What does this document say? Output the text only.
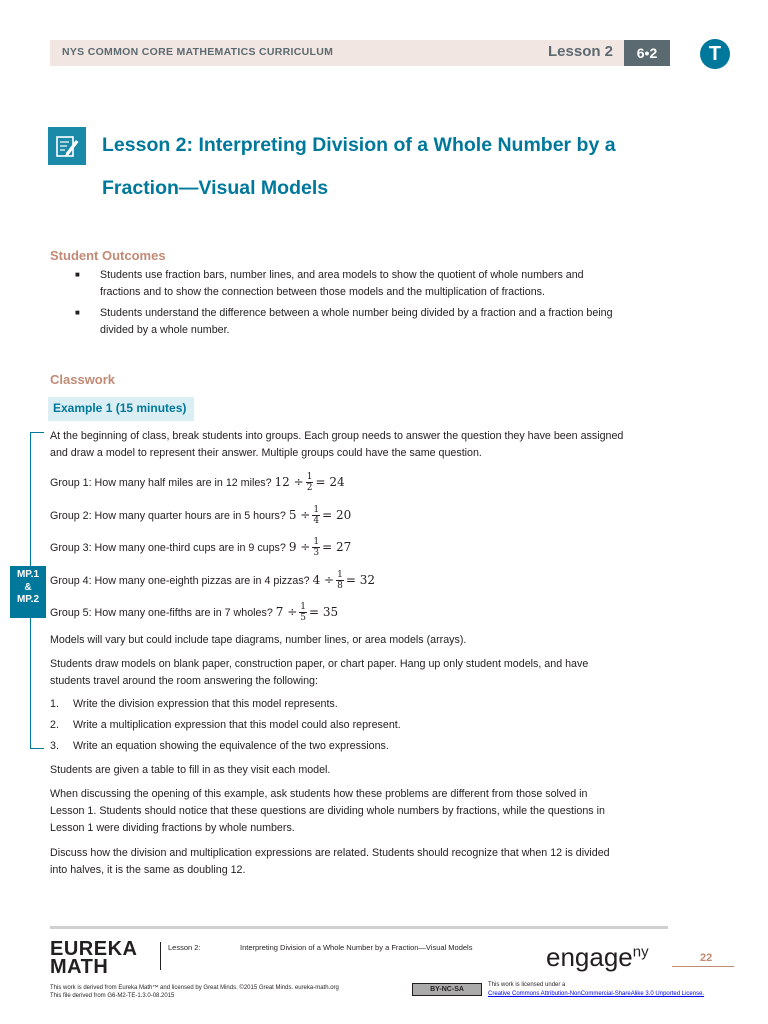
NYS COMMON CORE MATHEMATICS CURRICULUM	Lesson 2	6•2	T
Lesson 2: Interpreting Division of a Whole Number by a
Fraction—Visual Models
Student Outcomes
■ Students use fraction bars, number lines, and area models to show the quotient of whole numbers and
fractions and to show the connection between those models and the multiplication of fractions.
■ Students understand the difference between a whole number being divided by a fraction and a fraction being
divided by a whole number.
Classwork
Example 1 (15 minutes)
MP.1
&
MP.2
At the beginning of class, break students into groups. Each group needs to answer the question they have been assigned
and draw a model to represent their answer. Multiple groups could have the same question.
Group 1: How many half miles are in 12 miles? $12 \div \frac{1}{2} = 24$
Group 2: How many quarter hours are in 5 hours? $5 \div \frac{1}{4} = 20$
Group 3: How many one-third cups are in 9 cups? $9 \div \frac{1}{3} = 27$
Group 4: How many one-eighth pizzas are in 4 pizzas? $4 \div \frac{1}{8} = 32$
Group 5: How many one-fifths are in 7 wholes? $7 \div \frac{1}{5} = 35$
Models will vary but could include tape diagrams, number lines, or area models (arrays).
Students draw models on blank paper, construction paper, or chart paper. Hang up only student models, and have
students travel around the room answering the following:
1. Write the division expression that this model represents.
2. Write a multiplication expression that this model could also represent.
3. Write an equation showing the equivalence of the two expressions.
Students are given a table to fill in as they visit each model.
When discussing the opening of this example, ask students how these problems are different from those solved in
Lesson 1. Students should notice that these questions are dividing whole numbers by fractions, while the questions in
Lesson 1 were dividing fractions by whole numbers.
Discuss how the division and multiplication expressions are related. Students should recognize that when 12 is divided
into halves, it is the same as doubling 12.
EUREKA
MATH
Lesson 2:	Interpreting Division of a Whole Number by a Fraction—Visual Models	engage$^{ny}$	22
This work is derived from Eureka Math™ and licensed by Great Minds. ©2015 Great Minds. eureka-math.org
This file derived from G6-M2-TE-1.3.0-08.2015
BY-NC-SA
This work is licensed under a
Creative Commons Attribution-NonCommercial-ShareAlike 3.0 Unported License.
